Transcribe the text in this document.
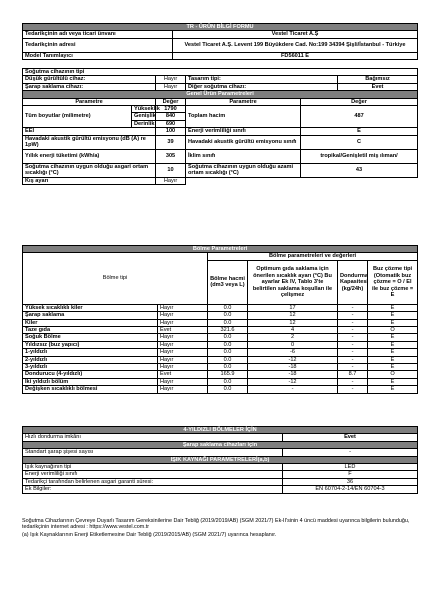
TR - ÜRÜN BİLGİ FORMU	
Tedarikçinin adı veya ticari ünvanı	Vestel Ticaret A.Ş
Tedarikçinin adresi	Vestel Ticaret A.Ş. Levent 199 Büyükdere Cad. No:199 34394 Şişli/İstanbul - Türkiye
Model Tanımlayıcı	FD56011 E
Soğutma cihazının tipi					
Düşük gürültülü cihaz:		Hayır	Tasarım tipi:		Bağımsız
Şarap saklama cihazı:		Hayır	Diğer soğutma cihazı:		Evet
Genel Ürün Parametreleri					
Parametre		Değer	Parametre	Değer	
Tüm boyutlar (milimetre)	Yükseklik	1790	Toplam hacim	487	
	Genişlik	840			
	Derinlik	690			
EEI		100	Enerji verimliliği sınıfı	E	
Havadaki akustik gürültü emisyonu (dB (A) re 1pW)		39	Havadaki akustik gürültü emisyonu sınıfı	C	
Yıllık enerji tüketimi (kWh/a)		305	İklim sınıfı	tropikal/Genişletil miş ılıman/	
Soğutma cihazının uygun olduğu asgari ortam sıcaklığı (°C)		10	Soğutma cihazının uygun olduğu azami ortam sıcaklığı (°C)	43	
Kış ayarı		Hayır			
Bölme Parametreleri					
Bölme tipi		Bölme parametreleri ve değerleri			
		Bölme hacmi (dm3 veya L)	Optimum gıda saklama için önerilen sıcaklık ayarı (°C) Bu ayarlar Ek IV, Tablo 3'te belirtilen saklama koşulları ile çelişmez	Dondurma Kapasitesi (kg/24h)	Buz çözme tipi (Otomatik buz çözme = O / El ile buz çözme = E
Yüksek sıcaklıklı kiler	Hayır	0.0	17	-	E
Şarap saklama	Hayır	0.0	12	-	E
Kiler	Hayır	0.0	12	-	E
Taze gıda	Evet	321.6	4	-	O
Soğuk Bölme	Hayır	0.0	2	-	E
Yıldızsız (buz yapıcı)	Hayır	0.0	0	-	E
1-yıldızlı	Hayır	0.0	-6	-	E
2-yıldızlı	Hayır	0.0	-12	-	E
3-yıldızlı	Hayır	0.0	-18	-	E
Dondurucu (4-yıldızlı)	Evet	165.9	-18	8.7	O
İki yıldızlı bölüm	Hayır	0.0	-12	-	E
Değişken sıcaklıklı bölmesi	Hayır	0.0	-	-	E
4-YILDIZLI BÖLMELER İÇİN	
Hızlı dondurma imkânı	Evet
Şarap saklama cihazları için	
Standart şarap şişesi sayısı	-
IŞIK KAYNAĞI PARAMETRELERİ(a,b)	
Işık kaynağının tipi	LED
Enerji verimliliği sınıfı	F
Tedarikçi tarafından belirlenen asgari garanti süresi:	36
Ek Bilgiler:	EN 60704-2-14/EN 60704-3
Soğutma Cihazlarının Çevreye Duyarlı Tasarım Gereksinilerine Dair Tebliğ (2019/2019/AB) (SGM 2021/7) Ek-II'sinin 4 üncü maddesi uyarınca bilgilerin bulunduğu, tedarikçinin internet adresi : https://www.vestel.com.tr
(a) Işık Kaynaklarının Enerji Etiketlemesine Dair Tebliğ (2019/2015/AB) (SGM 2021/7) uyarınca hesaplanır.
